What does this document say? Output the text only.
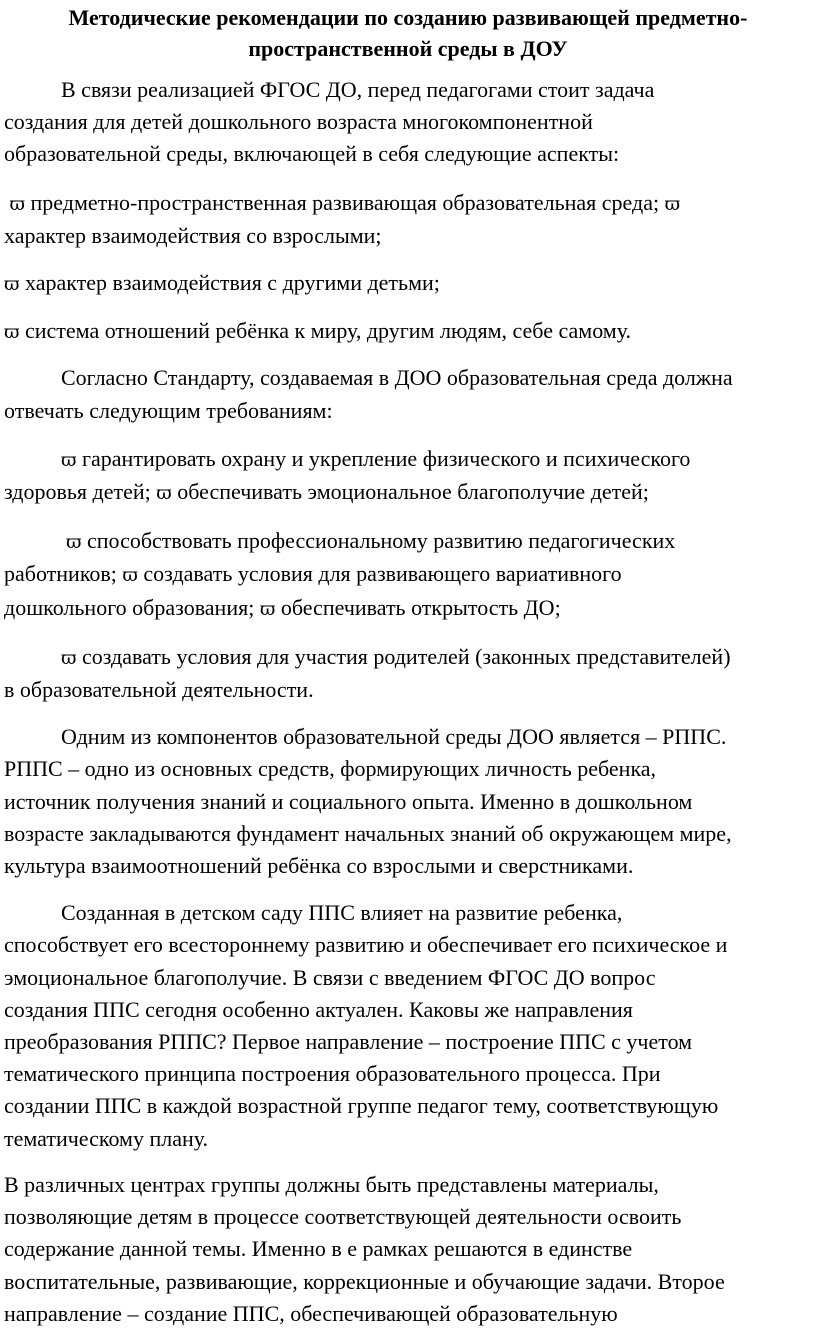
Методические рекомендации по созданию развивающей предметно-
пространственной среды в ДОУ
В связи реализацией ФГОС ДО, перед педагогами стоит задача
создания для детей дошкольного возраста многокомпонентной
образовательной среды, включающей в себя следующие аспекты:
ϖ предметно-пространственная развивающая образовательная среда; ϖ
характер взаимодействия со взрослыми;
ϖ характер взаимодействия с другими детьми;
ϖ система отношений ребёнка к миру, другим людям, себе самому.
Согласно Стандарту, создаваемая в ДОО образовательная среда должна
отвечать следующим требованиям:
ϖ гарантировать охрану и укрепление физического и психического
здоровья детей; ϖ обеспечивать эмоциональное благополучие детей;
ϖ способствовать профессиональному развитию педагогических
работников; ϖ создавать условия для развивающего вариативного
дошкольного образования; ϖ обеспечивать открытость ДО;
ϖ создавать условия для участия родителей (законных представителей)
в образовательной деятельности.
Одним из компонентов образовательной среды ДОО является – РППС.
РППС – одно из основных средств, формирующих личность ребенка,
источник получения знаний и социального опыта. Именно в дошкольном
возрасте закладываются фундамент начальных знаний об окружающем мире,
культура взаимоотношений ребёнка со взрослыми и сверстниками.
Созданная в детском саду ППС влияет на развитие ребенка,
способствует его всестороннему развитию и обеспечивает его психическое и
эмоциональное благополучие. В связи с введением ФГОС ДО вопрос
создания ППС сегодня особенно актуален. Каковы же направления
преобразования РППС? Первое направление – построение ППС с учетом
тематического принципа построения образовательного процесса. При
создании ППС в каждой возрастной группе педагог тему, соответствующую
тематическому плану.
В различных центрах группы должны быть представлены материалы,
позволяющие детям в процессе соответствующей деятельности освоить
содержание данной темы. Именно в е рамках решаются в единстве
воспитательные, развивающие, коррекционные и обучающие задачи. Второе
направление – создание ППС, обеспечивающей образовательную
